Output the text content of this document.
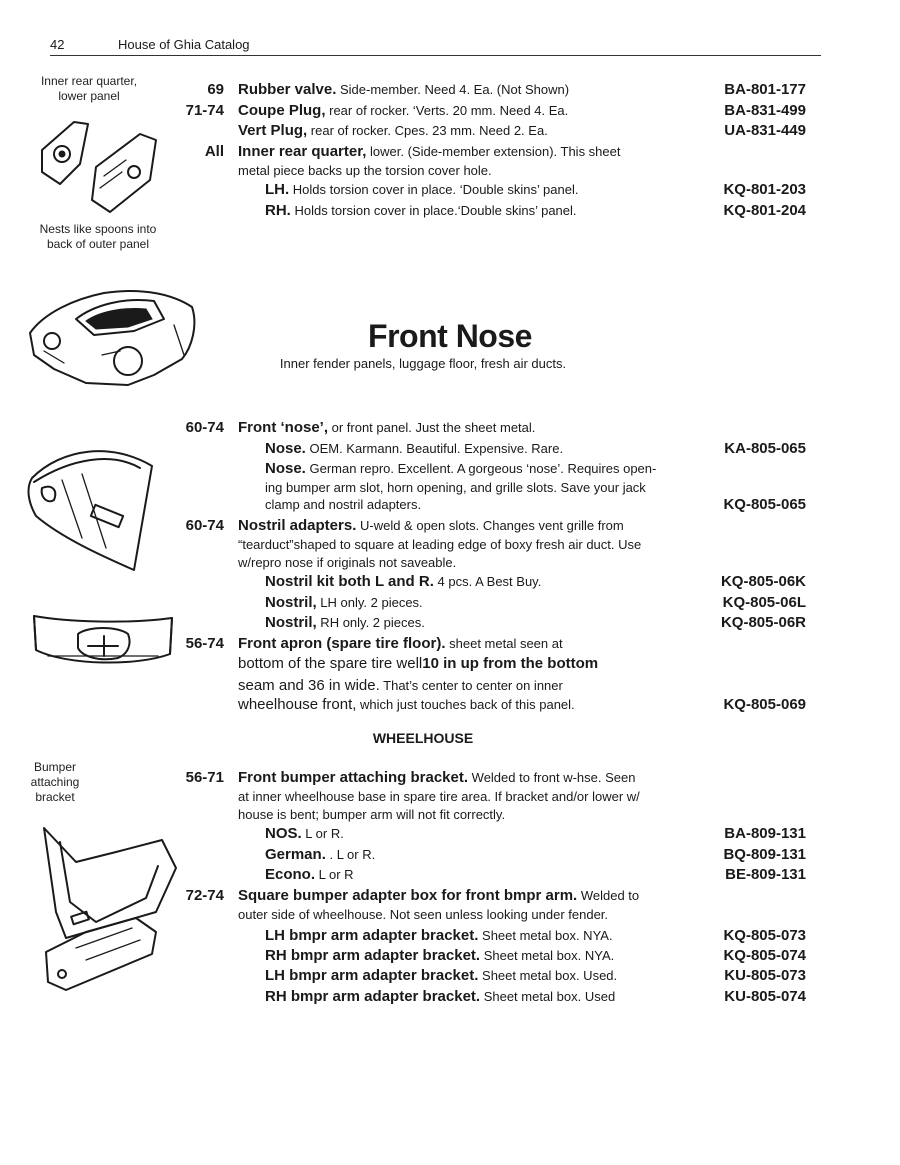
42	House of Ghia Catalog
Inner rear quarter, lower panel
Nests like spoons into back of outer panel
Bumper attaching bracket
Front Nose
Inner fender panels, luggage floor, fresh air ducts.
WHEELHOUSE
69 Rubber valve. Side-member. Need 4. Ea. (Not Shown)	BA-801-177
71-74 Coupe Plug, rear of rocker. ‘Verts. 20 mm. Need 4. Ea.	BA-831-499
Vert Plug, rear of rocker. Cpes. 23 mm. Need 2. Ea.	UA-831-449
All Inner rear quarter, lower. (Side-member extension). This sheet
metal piece backs up the torsion cover hole.
LH. Holds torsion cover in place. ‘Double skins’ panel.	KQ-801-203
RH. Holds torsion cover in place.‘Double skins’ panel.	KQ-801-204
60-74 Front ‘nose’, or front panel. Just the sheet metal.
Nose. OEM. Karmann. Beautiful. Expensive. Rare.	KA-805-065
Nose. German repro. Excellent. A gorgeous ‘nose’. Requires open-
ing bumper arm slot, horn opening, and grille slots. Save your jack
clamp and nostril adapters.	KQ-805-065
60-74 Nostril adapters. U-weld & open slots. Changes vent grille from
“tearduct”shaped to square at leading edge of boxy fresh air duct. Use
w/repro nose if originals not saveable.
Nostril kit both L and R. 4 pcs. A Best Buy.	KQ-805-06K
Nostril, LH only. 2 pieces.	KQ-805-06L
Nostril, RH only. 2 pieces.	KQ-805-06R
56-74 Front apron (spare tire floor). sheet metal seen at
bottom of the spare tire well10 in up from the bottom
seam and 36 in wide. That’s center to center on inner
wheelhouse front, which just touches back of this panel.	KQ-805-069
56-71 Front bumper attaching bracket. Welded to front w-hse. Seen
at inner wheelhouse base in spare tire area. If bracket and/or lower w/
house is bent; bumper arm will not fit correctly.
NOS. L or R.	BA-809-131
German. . L or R.	BQ-809-131
Econo. L or R	BE-809-131
72-74 Square bumper adapter box for front bmpr arm. Welded to
outer side of wheelhouse. Not seen unless looking under fender.
LH bmpr arm adapter bracket. Sheet metal box. NYA.	KQ-805-073
RH bmpr arm adapter bracket. Sheet metal box. NYA.	KQ-805-074
LH bmpr arm adapter bracket. Sheet metal box. Used.	KU-805-073
RH bmpr arm adapter bracket. Sheet metal box. Used	KU-805-074
